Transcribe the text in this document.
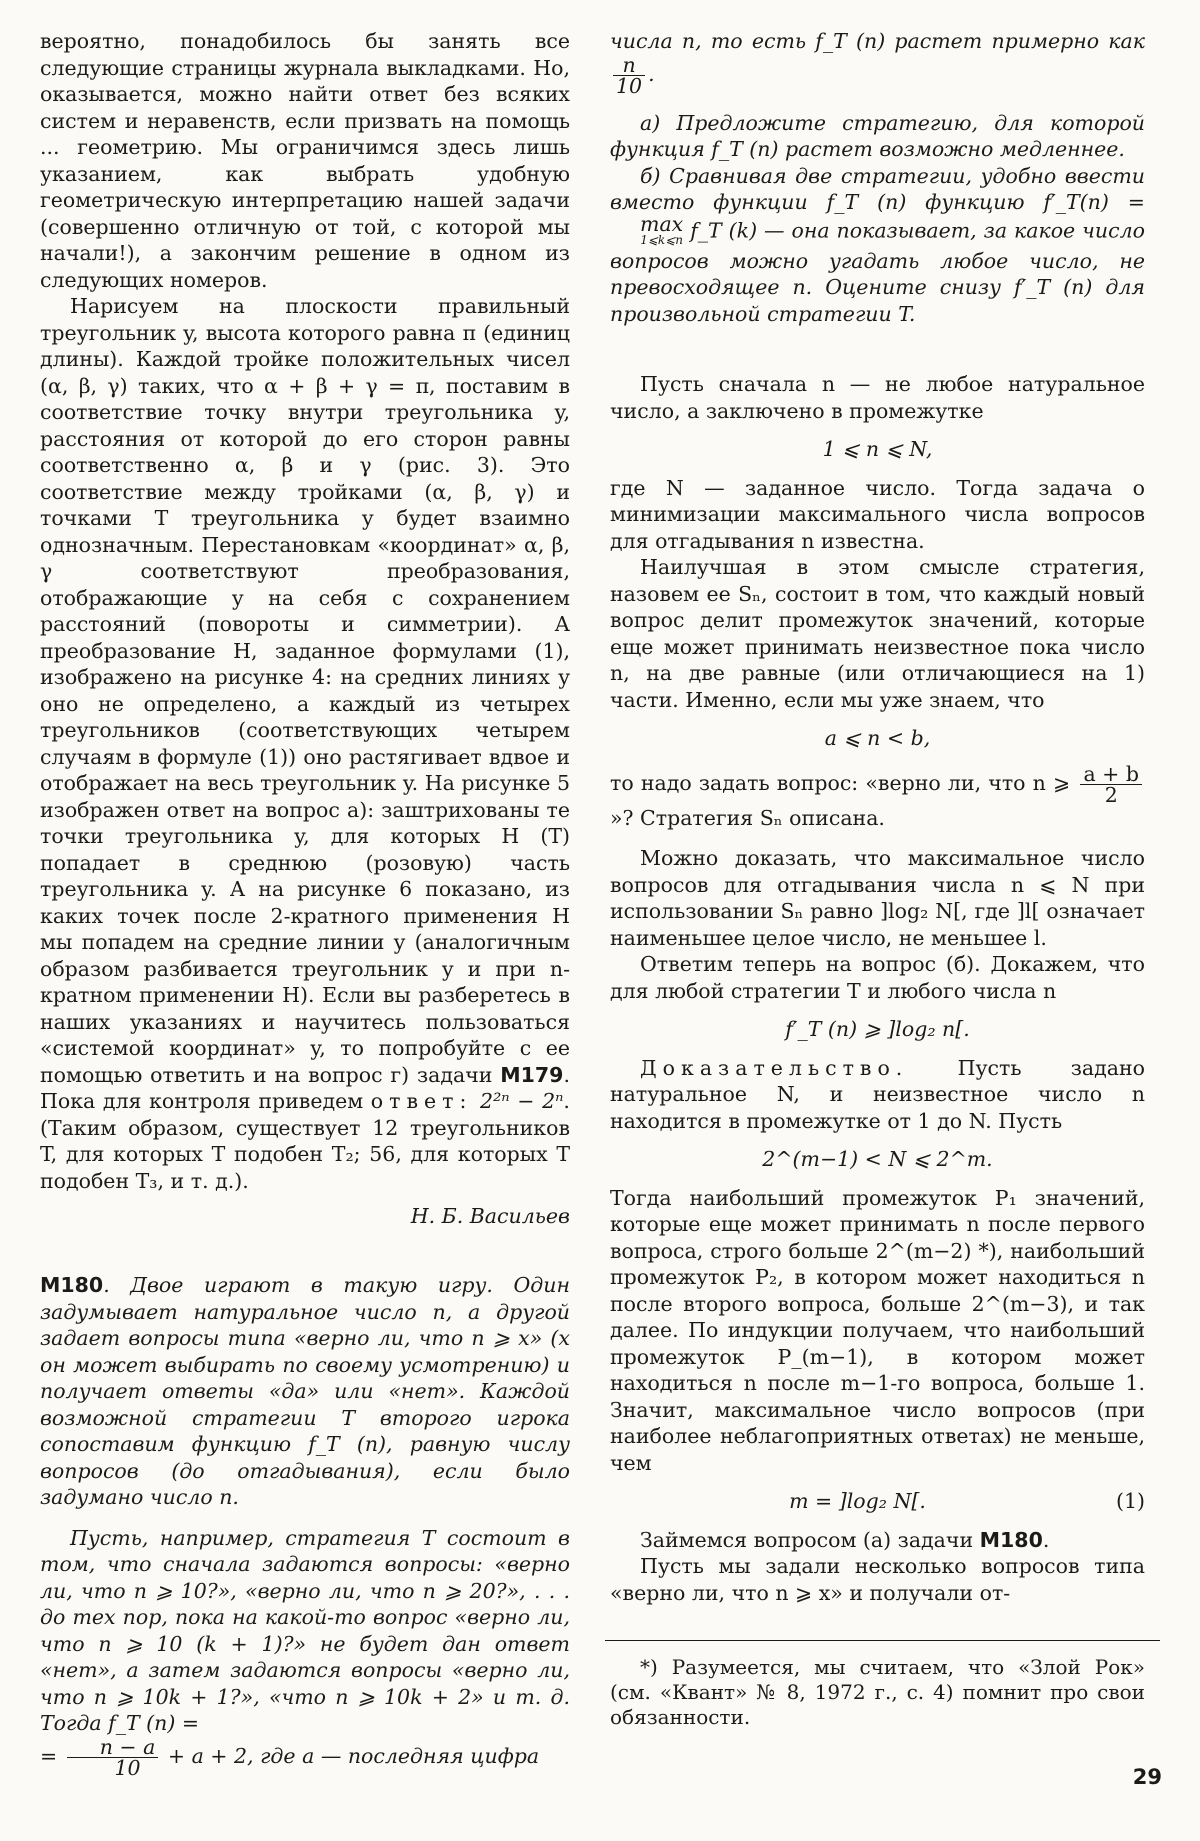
вероятно, понадобилось бы занять все следующие страницы журнала выкладками. Но, оказывается, можно найти ответ без всяких систем и неравенств, если призвать на помощь ... геометрию. Мы ограничимся здесь лишь указанием, как выбрать удобную геометрическую интерпретацию нашей задачи (совершенно отличную от той, с которой мы начали!), а закончим решение в одном из следующих номеров.

Нарисуем на плоскости правильный треугольник y, высота которого равна π (единиц длины). Каждой тройке положительных чисел (α, β, γ) таких, что α + β + γ = π, поставим в соответствие точку внутри треугольника y, расстояния от которой до его сторон равны соответственно α, β и γ (рис. 3). Это соответствие между тройками (α, β, γ) и точками T треугольника y будет взаимно однозначным. Перестановкам «координат» α, β, γ соответствуют преобразования, отображающие y на себя с сохранением расстояний (повороты и симметрии). А преобразование H, заданное формулами (1), изображено на рисунке 4: на средних линиях y оно не определено, а каждый из четырех треугольников (соответствующих четырем случаям в формуле (1)) оно растягивает вдвое и отображает на весь треугольник y. На рисунке 5 изображен ответ на вопрос а): заштрихованы те точки треугольника y, для которых H (T) попадает в среднюю (розовую) часть треугольника y. А на рисунке 6 показано, из каких точек после 2-кратного применения H мы попадем на средние линии y (аналогичным образом разбивается треугольник y и при n-кратном применении H). Если вы разберетесь в наших указаниях и научитесь пользоваться «системой координат» y, то попробуйте с ее помощью ответить и на вопрос г) задачи М179. Пока для контроля приведем ответ: 2²ⁿ − 2ⁿ. (Таким образом, существует 12 треугольников T, для которых T подобен T₂; 56, для которых T подобен T₃, и т. д.).

Н. Б. Васильев

М180. Двое играют в такую игру. Один задумывает натуральное число n, а другой задает вопросы типа «верно ли, что n ⩾ x» (x он может выбирать по своему усмотрению) и получает ответы «да» или «нет». Каждой возможной стратегии T второго игрока сопоставим функцию f_T (n), равную числу вопросов (до отгадывания), если было задумано число n.

Пусть, например, стратегия T состоит в том, что сначала задаются вопросы: «верно ли, что n ⩾ 10?», «верно ли, что n ⩾ 20?», . . . до тех пор, пока на какой-то вопрос «верно ли, что n ⩾ 10 (k + 1)?» не будет дан ответ «нет», а затем задаются вопросы «верно ли, что n ⩾ 10k + 1?», «что n ⩾ 10k + 2» и т. д. Тогда f_T (n) =
= $\frac{n - a}{10} + a + 2$, где a — последняя цифра

числа n, то есть f_T (n) растет примерно как
$\frac{n}{10}$ .

а) Предложите стратегию, для которой функция f_T (n) растет возможно медленнее.

б) Сравнивая две стратегии, удобно ввести вместо функции f_T (n) функцию f′_T(n) =
max
1⩽k⩽n f_T (k) — она показывает, за какое число вопросов можно угадать любое число, не превосходящее n. Оцените снизу f′_T (n) для произвольной стратегии T.

Пусть сначала n — не любое натуральное число, а заключено в промежутке

1 ⩽ n ⩽ N,

где N — заданное число. Тогда задача о минимизации максимального числа вопросов для отгадывания n известна.

Наилучшая в этом смысле стратегия, назовем ее Sₙ, состоит в том, что каждый новый вопрос делит промежуток значений, которые еще может принимать неизвестное пока число n, на две равные (или отличающиеся на 1) части. Именно, если мы уже знаем, что

a ⩽ n < b,

то надо задать вопрос: «верно ли, что n ⩾ $\frac{a + b}{2}$
»? Стратегия Sₙ описана.

Можно доказать, что максимальное число вопросов для отгадывания числа n ⩽ N при использовании Sₙ равно ]log₂ N[, где ]l[ означает наименьшее целое число, не меньшее l.

Ответим теперь на вопрос (б). Докажем, что для любой стратегии T и любого числа n

f′_T (n) ⩾ ]log₂ n[.

Доказательство. Пусть задано натуральное N, и неизвестное число n находится в промежутке от 1 до N. Пусть

2^(m−1) < N ⩽ 2^m.

Тогда наибольший промежуток P₁ значений, которые еще может принимать n после первого вопроса, строго больше 2^(m−2) *), наибольший промежуток P₂, в котором может находиться n после второго вопроса, больше 2^(m−3), и так далее. По индукции получаем, что наибольший промежуток P_(m−1), в котором может находиться n после m−1-го вопроса, больше 1. Значит, максимальное число вопросов (при наиболее неблагоприятных ответах) не меньше, чем

m = ]log₂ N[.	(1)

Займемся вопросом (а) задачи М180.

Пусть мы задали несколько вопросов типа «верно ли, что n ⩾ x» и получали от-

*) Разумеется, мы считаем, что «Злой Рок» (см. «Квант» № 8, 1972 г., с. 4) помнит про свои обязанности.

29
